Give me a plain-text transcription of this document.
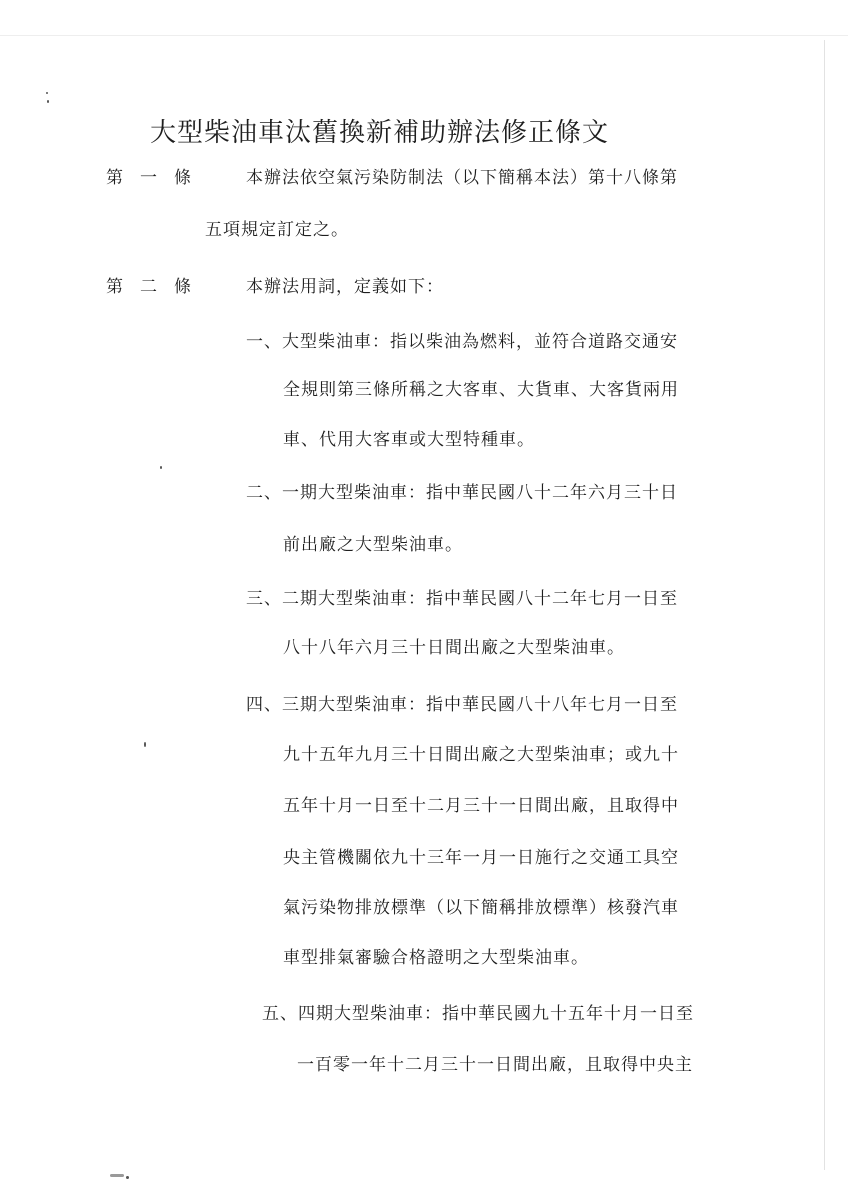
大型柴油車汰舊換新補助辦法修正條文
第　一　條	本辦法依空氣污染防制法（以下簡稱本法）第十八條第
五項規定訂定之。
第　二　條	本辦法用詞，定義如下：
一、大型柴油車：指以柴油為燃料，並符合道路交通安
全規則第三條所稱之大客車、大貨車、大客貨兩用
車、代用大客車或大型特種車。
二、一期大型柴油車：指中華民國八十二年六月三十日
前出廠之大型柴油車。
三、二期大型柴油車：指中華民國八十二年七月一日至
八十八年六月三十日間出廠之大型柴油車。
四、三期大型柴油車：指中華民國八十八年七月一日至
九十五年九月三十日間出廠之大型柴油車；或九十
五年十月一日至十二月三十一日間出廠，且取得中
央主管機關依九十三年一月一日施行之交通工具空
氣污染物排放標準（以下簡稱排放標準）核發汽車
車型排氣審驗合格證明之大型柴油車。
五、四期大型柴油車：指中華民國九十五年十月一日至
一百零一年十二月三十一日間出廠，且取得中央主
